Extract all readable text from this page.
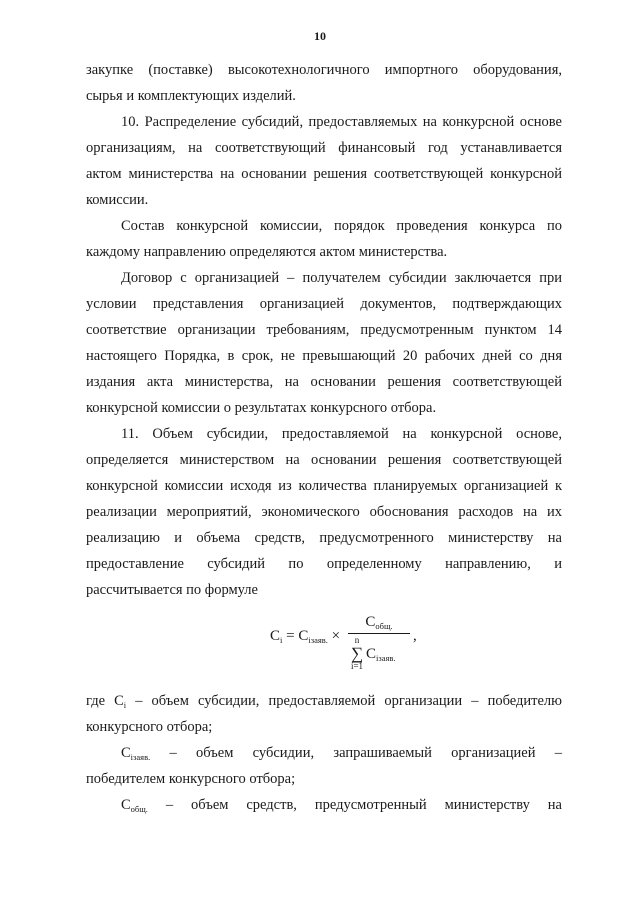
10
закупке (поставке) высокотехнологичного импортного оборудования,
сырья и комплектующих изделий.
10. Распределение субсидий, предоставляемых на конкурсной основе
организациям, на соответствующий финансовый год устанавливается
актом министерства на основании решения соответствующей конкурсной
комиссии.
Состав конкурсной комиссии, порядок проведения конкурса по
каждому направлению определяются актом министерства.
Договор с организацией – получателем субсидии заключается при
условии представления организацией документов, подтверждающих
соответствие организации требованиям, предусмотренным пунктом 14
настоящего Порядка, в срок, не превышающий 20 рабочих дней со дня
издания акта министерства, на основании решения соответствующей
конкурсной комиссии о результатах конкурсного отбора.
11. Объем субсидии, предоставляемой на конкурсной основе,
определяется министерством на основании решения соответствующей
конкурсной комиссии исходя из количества планируемых организацией к
реализации мероприятий, экономического обоснования расходов на их
реализацию и объема средств, предусмотренного министерству на
предоставление субсидий по определенному направлению, и
рассчитывается по формуле
$C_i = C_{iзаяв.}$ ×
$C_{общ.}$
n
∑
i=1
$C_{iзаяв.}$
,
где $C_i$ – объем субсидии, предоставляемой организации – победителю
конкурсного отбора;
$C_{iзаяв.}$ – объем субсидии, запрашиваемый организацией –
победителем конкурсного отбора;
$C_{общ.}$ – объем средств, предусмотренный министерству на
